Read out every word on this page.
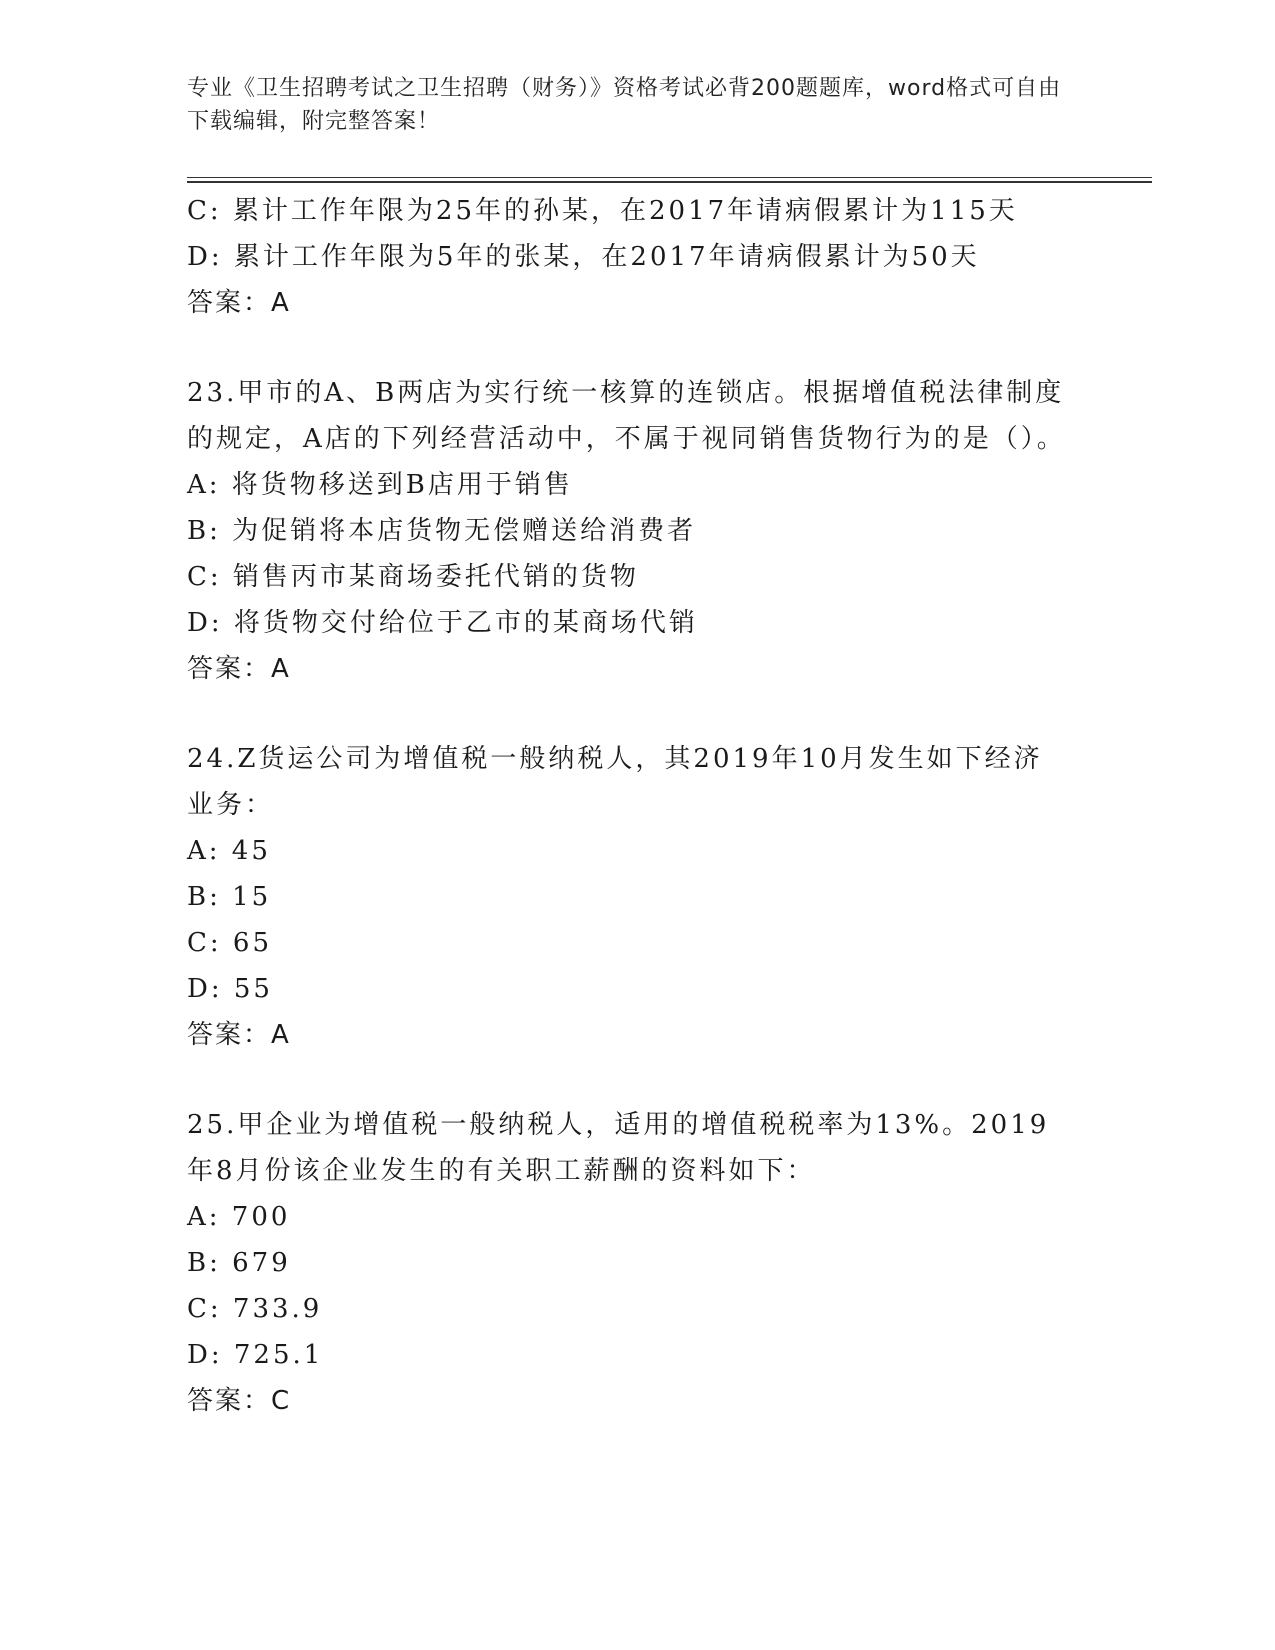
专业《卫生招聘考试之卫生招聘（财务）》资格考试必背200题题库，word格式可自由下载编辑，附完整答案！
C: 累计工作年限为25年的孙某，在2017年请病假累计为115天
D: 累计工作年限为5年的张某，在2017年请病假累计为50天
答案：A
23.甲市的A、B两店为实行统一核算的连锁店。根据增值税法律制度的规定，A店的下列经营活动中，不属于视同销售货物行为的是（）。
A: 将货物移送到B店用于销售
B: 为促销将本店货物无偿赠送给消费者
C: 销售丙市某商场委托代销的货物
D: 将货物交付给位于乙市的某商场代销
答案：A
24.Z货运公司为增值税一般纳税人，其2019年10月发生如下经济业务：
A: 45
B: 15
C: 65
D: 55
答案：A
25.甲企业为增值税一般纳税人，适用的增值税税率为13%。2019年8月份该企业发生的有关职工薪酬的资料如下：
A: 700
B: 679
C: 733.9
D: 725.1
答案：C
